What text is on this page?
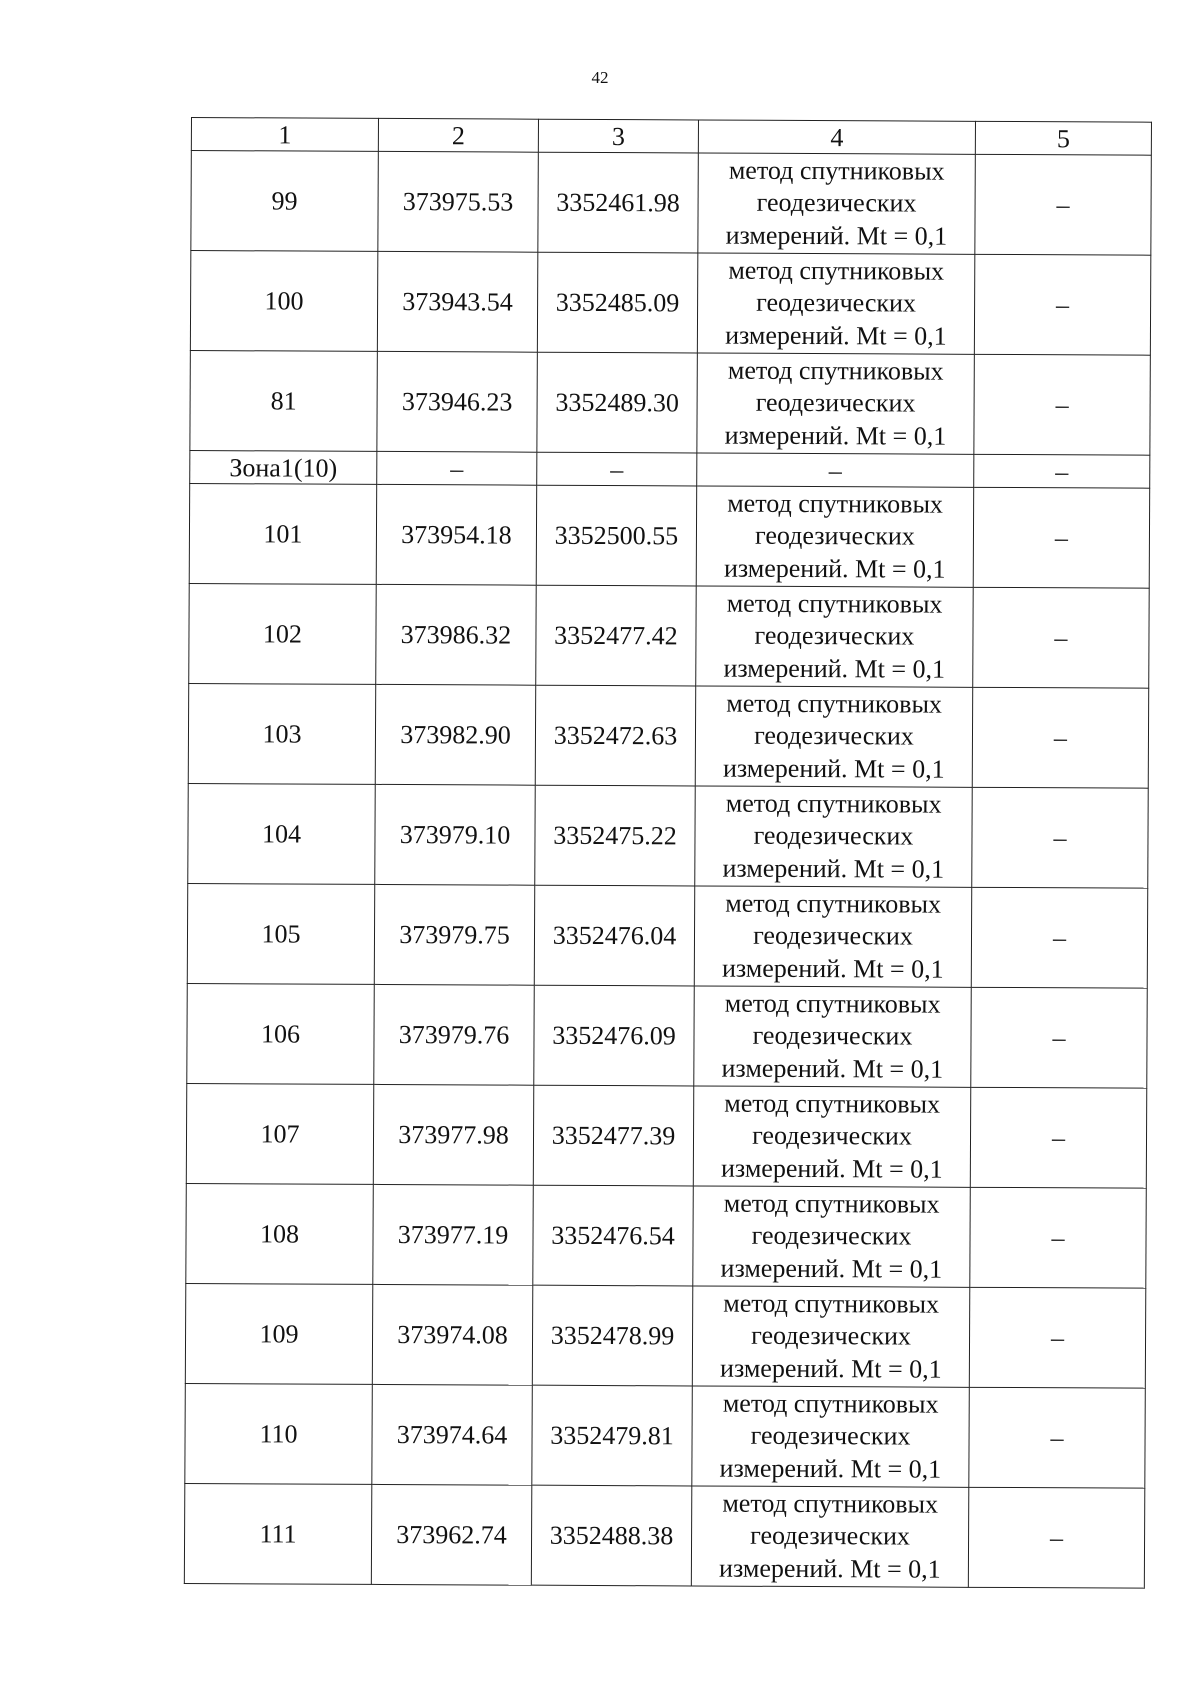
42
1	2	3	4	5
99	373975.53	3352461.98	метод спутниковых
геодезических
измерений. Mt = 0,1	–
100	373943.54	3352485.09	метод спутниковых
геодезических
измерений. Mt = 0,1	–
81	373946.23	3352489.30	метод спутниковых
геодезических
измерений. Mt = 0,1	–
Зона1(10)	–	–	–	–
101	373954.18	3352500.55	метод спутниковых
геодезических
измерений. Mt = 0,1	–
102	373986.32	3352477.42	метод спутниковых
геодезических
измерений. Mt = 0,1	–
103	373982.90	3352472.63	метод спутниковых
геодезических
измерений. Mt = 0,1	–
104	373979.10	3352475.22	метод спутниковых
геодезических
измерений. Mt = 0,1	–
105	373979.75	3352476.04	метод спутниковых
геодезических
измерений. Mt = 0,1	–
106	373979.76	3352476.09	метод спутниковых
геодезических
измерений. Mt = 0,1	–
107	373977.98	3352477.39	метод спутниковых
геодезических
измерений. Mt = 0,1	–
108	373977.19	3352476.54	метод спутниковых
геодезических
измерений. Mt = 0,1	–
109	373974.08	3352478.99	метод спутниковых
геодезических
измерений. Mt = 0,1	–
110	373974.64	3352479.81	метод спутниковых
геодезических
измерений. Mt = 0,1	–
111	373962.74	3352488.38	метод спутниковых
геодезических
измерений. Mt = 0,1	–
